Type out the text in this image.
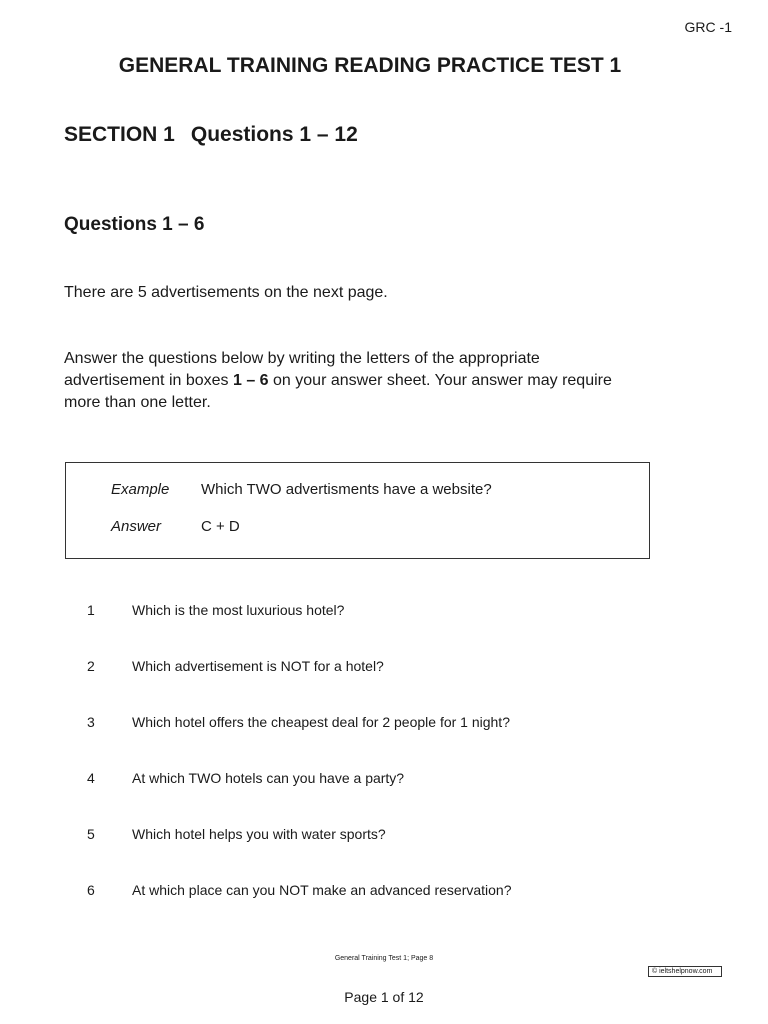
GRC -1
GENERAL TRAINING READING PRACTICE TEST 1
SECTION 1 Questions 1 – 12
Questions 1 – 6
There are 5 advertisements on the next page.
Answer the questions below by writing the letters of the appropriate
advertisement in boxes 1 – 6 on your answer sheet. Your answer may require
more than one letter.
Example Which TWO advertisments have a website?
Answer	C + D
1	Which is the most luxurious hotel?
2	Which advertisement is NOT for a hotel?
3	Which hotel offers the cheapest deal for 2 people for 1 night?
4	At which TWO hotels can you have a party?
5	Which hotel helps you with water sports?
6	At which place can you NOT make an advanced reservation?
General Training Test 1; Page 8
© ieltshelpnow.com
Page 1 of 12
